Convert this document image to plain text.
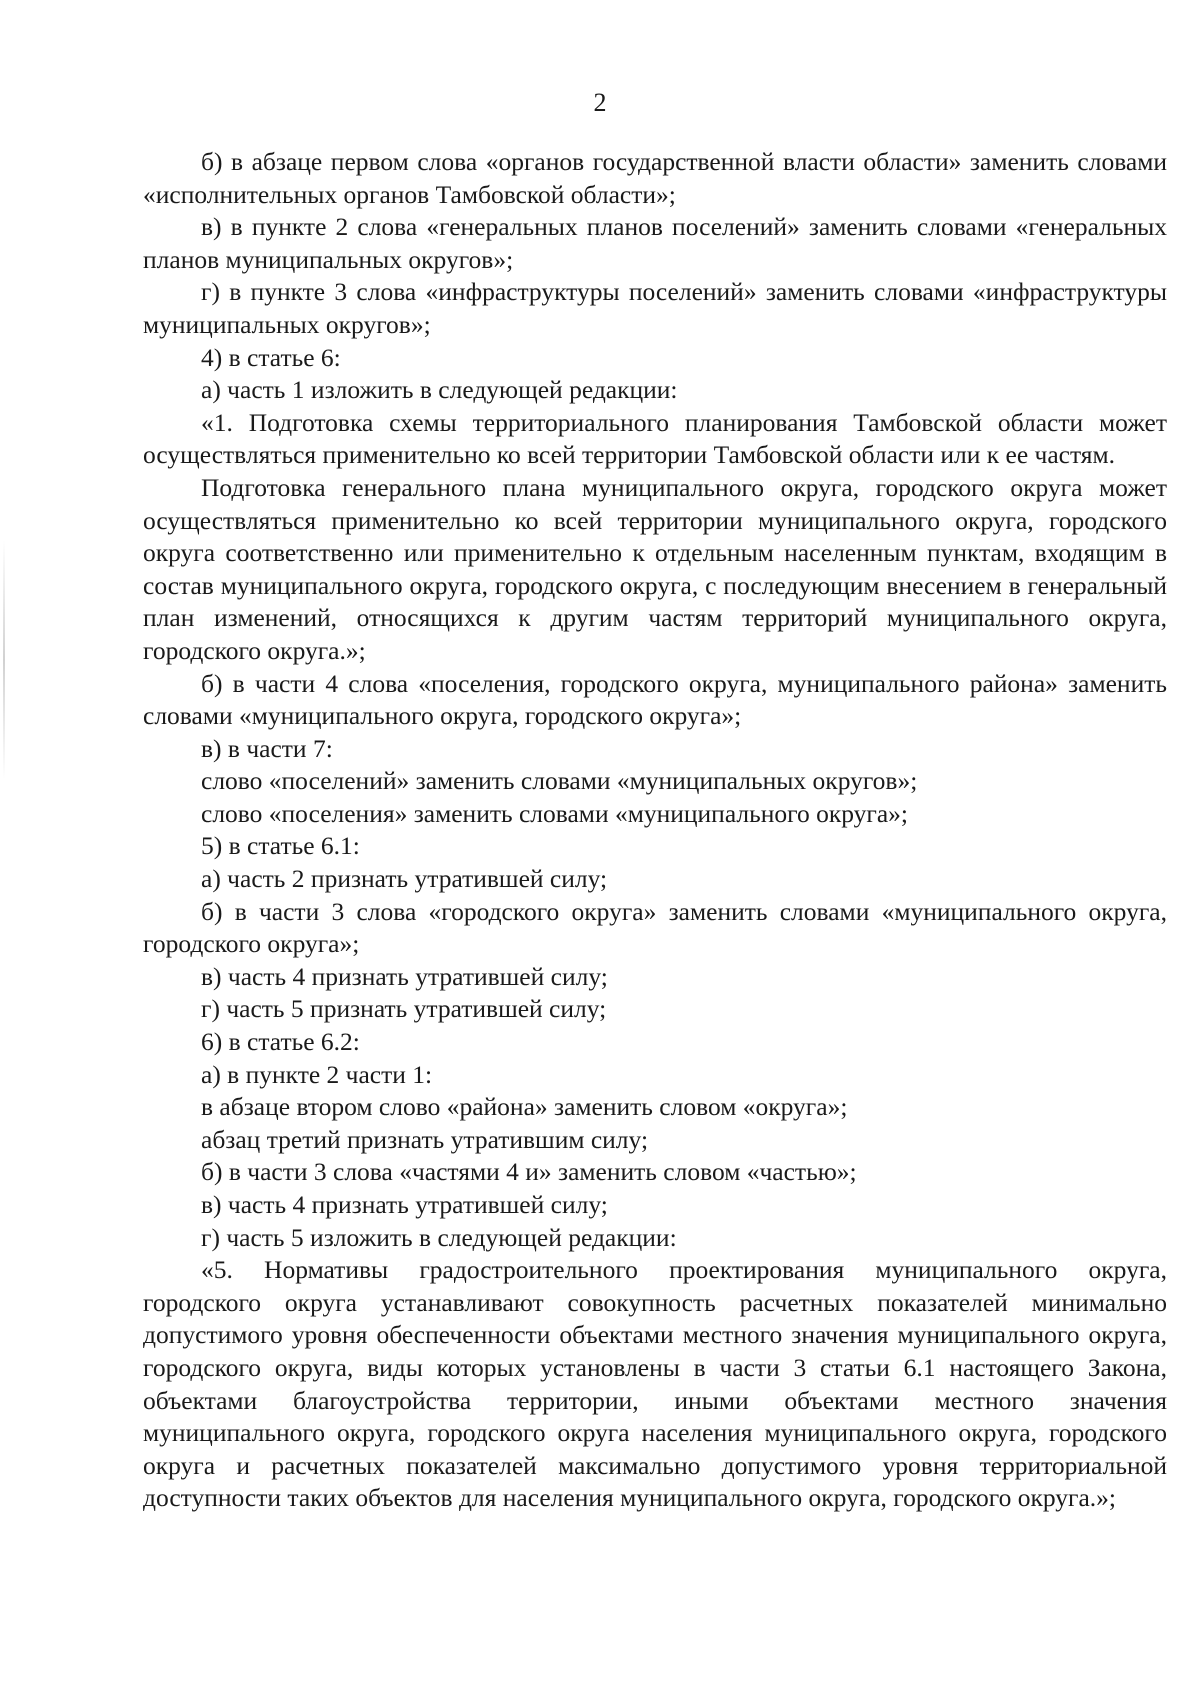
2

б) в абзаце первом слова «органов государственной власти области» заменить словами «исполнительных органов Тамбовской области»;

в) в пункте 2 слова «генеральных планов поселений» заменить словами «генеральных планов муниципальных округов»;

г) в пункте 3 слова «инфраструктуры поселений» заменить словами «инфраструктуры муниципальных округов»;

4) в статье 6:

а) часть 1 изложить в следующей редакции:

«1. Подготовка схемы территориального планирования Тамбовской области может осуществляться применительно ко всей территории Тамбовской области или к ее частям.

Подготовка генерального плана муниципального округа, городского округа может осуществляться применительно ко всей территории муниципального округа, городского округа соответственно или применительно к отдельным населенным пунктам, входящим в состав муниципального округа, городского округа, с последующим внесением в генеральный план изменений, относящихся к другим частям территорий муниципального округа, городского округа.»;

б) в части 4 слова «поселения, городского округа, муниципального района» заменить словами «муниципального округа, городского округа»;

в) в части 7:

слово «поселений» заменить словами «муниципальных округов»;

слово «поселения» заменить словами «муниципального округа»;

5) в статье 6.1:

а) часть 2 признать утратившей силу;

б) в части 3 слова «городского округа» заменить словами «муниципального округа, городского округа»;

в) часть 4 признать утратившей силу;

г) часть 5 признать утратившей силу;

6) в статье 6.2:

а) в пункте 2 части 1:

в абзаце втором слово «района» заменить словом «округа»;

абзац третий признать утратившим силу;

б) в части 3 слова «частями 4 и» заменить словом «частью»;

в) часть 4 признать утратившей силу;

г) часть 5 изложить в следующей редакции:

«5. Нормативы градостроительного проектирования муниципального округа, городского округа устанавливают совокупность расчетных показателей минимально допустимого уровня обеспеченности объектами местного значения муниципального округа, городского округа, виды которых установлены в части 3 статьи 6.1 настоящего Закона, объектами благоустройства территории, иными объектами местного значения муниципального округа, городского округа населения муниципального округа, городского округа и расчетных показателей максимально допустимого уровня территориальной доступности таких объектов для населения муниципального округа, городского округа.»;
